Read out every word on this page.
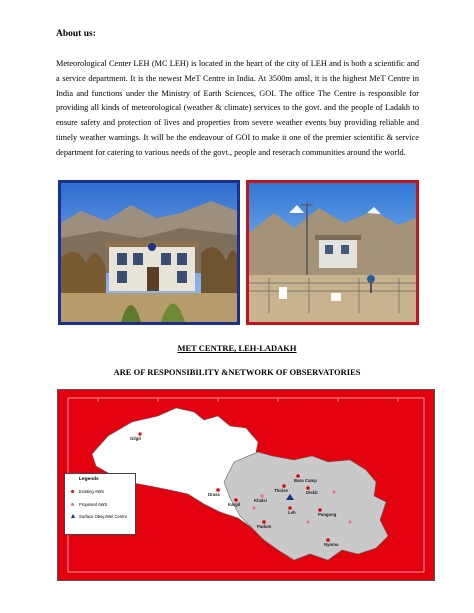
About us:

Meteorological Center LEH (MC LEH) is located in the heart of the city of LEH and is both a scientific and a service department. It is the newest MeT Centre in India. At 3500m amsl, it is the highest MeT Centre in India and functions under the Ministry of Earth Sciences, GOI. The office The Centre is responsible for providing all kinds of meteorological (weather & climate) services to the govt. and the people of Ladakh to ensure safety and protection of lives and properties from severe weather events buy providing reliable and timely weather warnings. It will be the endeavour of GOI to make it one of the premier scientific & service department for catering to various needs of the govt., people and reserach communities around the world.

MET CENTRE, LEH-LADAKH
ARE OF RESPONSIBILITY &NETWORK OF OBSERVATORIES
Gilgit
Drass
Kargil
Thoise
Khalsi
Leh
Padum
Nyoma
Pangong
Diskit
Baru Camp
Legends
Existing AWS
Proposed AWS
Surface Obsy./Met Centre
